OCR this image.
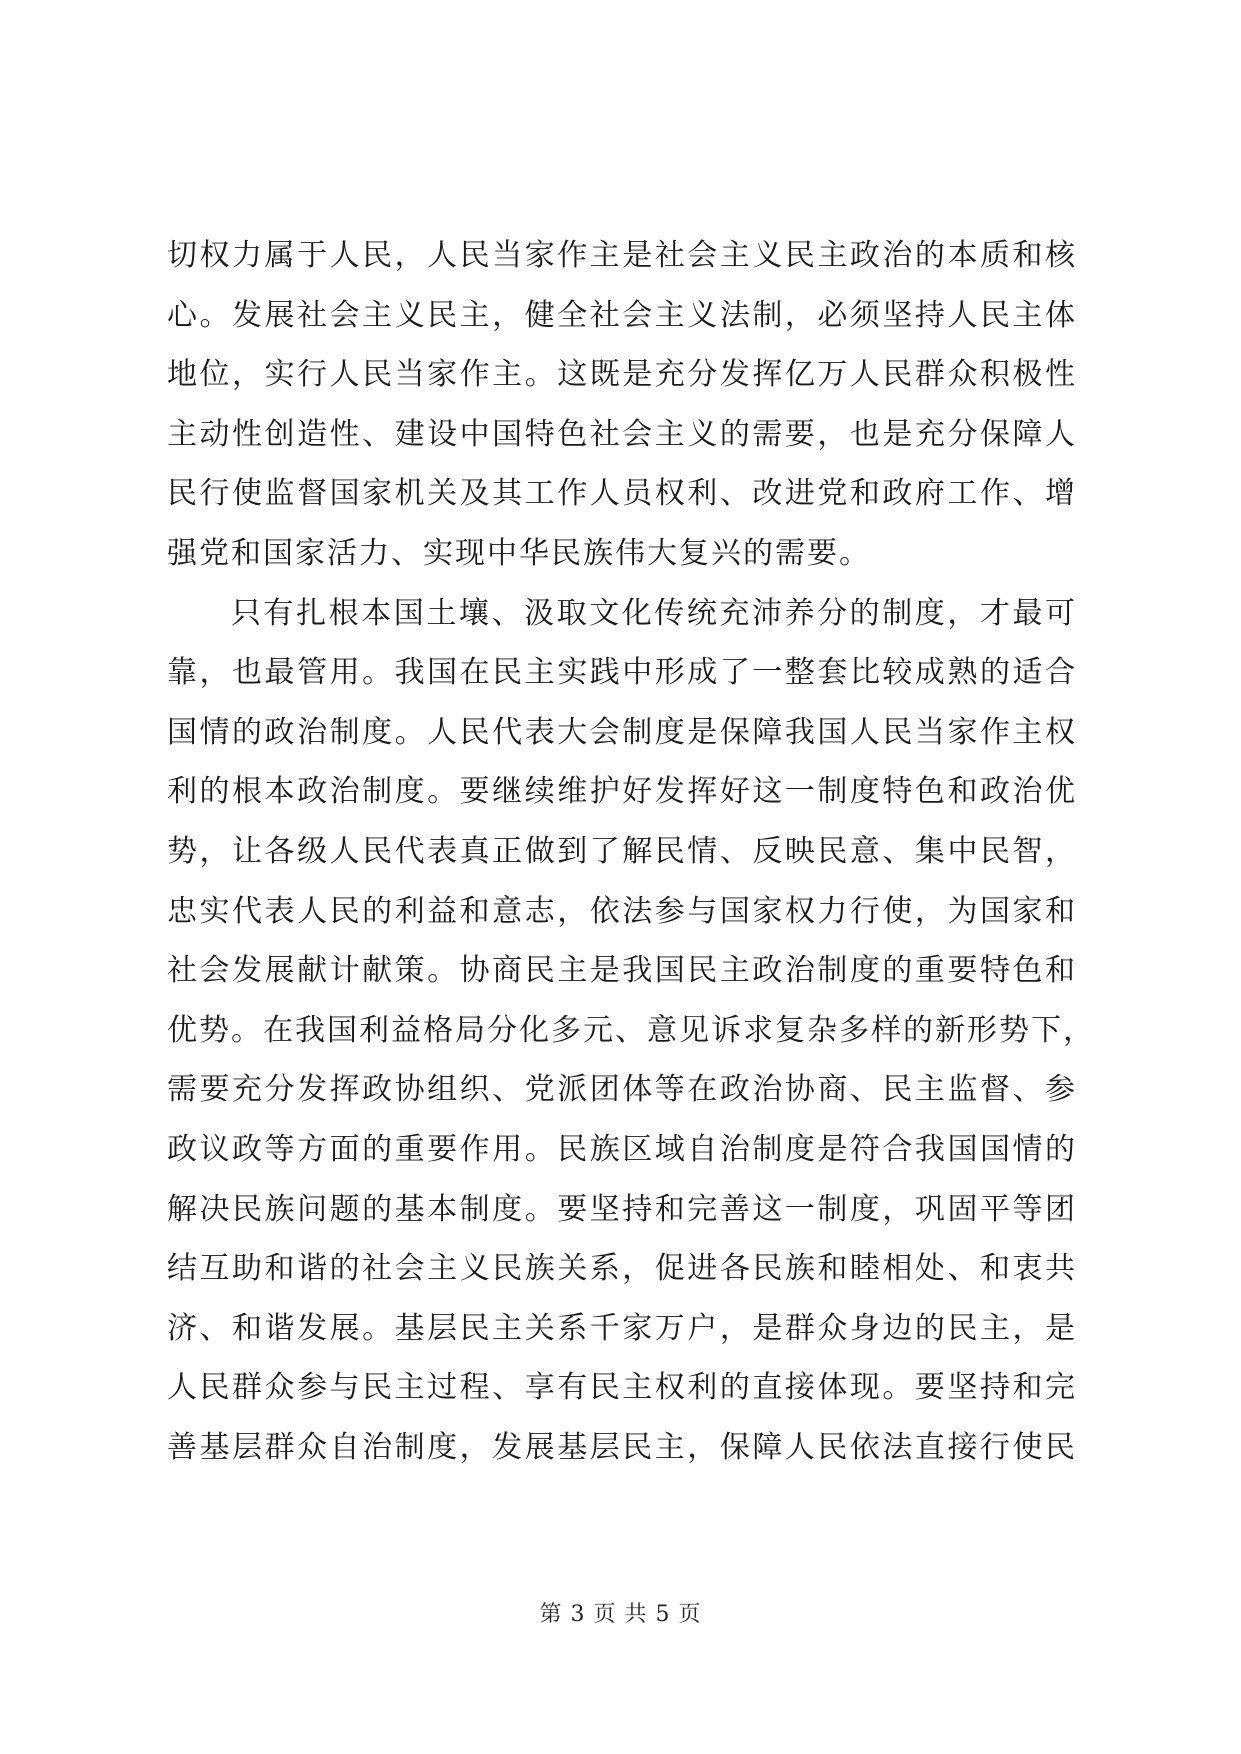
切权力属于人民，人民当家作主是社会主义民主政治的本质和核
心。发展社会主义民主，健全社会主义法制，必须坚持人民主体
地位，实行人民当家作主。这既是充分发挥亿万人民群众积极性
主动性创造性、建设中国特色社会主义的需要，也是充分保障人
民行使监督国家机关及其工作人员权利、改进党和政府工作、增
强党和国家活力、实现中华民族伟大复兴的需要。
只有扎根本国土壤、汲取文化传统充沛养分的制度，才最可
靠，也最管用。我国在民主实践中形成了一整套比较成熟的适合
国情的政治制度。人民代表大会制度是保障我国人民当家作主权
利的根本政治制度。要继续维护好发挥好这一制度特色和政治优
势，让各级人民代表真正做到了解民情、反映民意、集中民智，
忠实代表人民的利益和意志，依法参与国家权力行使，为国家和
社会发展献计献策。协商民主是我国民主政治制度的重要特色和
优势。在我国利益格局分化多元、意见诉求复杂多样的新形势下，
需要充分发挥政协组织、党派团体等在政治协商、民主监督、参
政议政等方面的重要作用。民族区域自治制度是符合我国国情的
解决民族问题的基本制度。要坚持和完善这一制度，巩固平等团
结互助和谐的社会主义民族关系，促进各民族和睦相处、和衷共
济、和谐发展。基层民主关系千家万户，是群众身边的民主，是
人民群众参与民主过程、享有民主权利的直接体现。要坚持和完
善基层群众自治制度，发展基层民主，保障人民依法直接行使民
第 3 页 共 5 页
